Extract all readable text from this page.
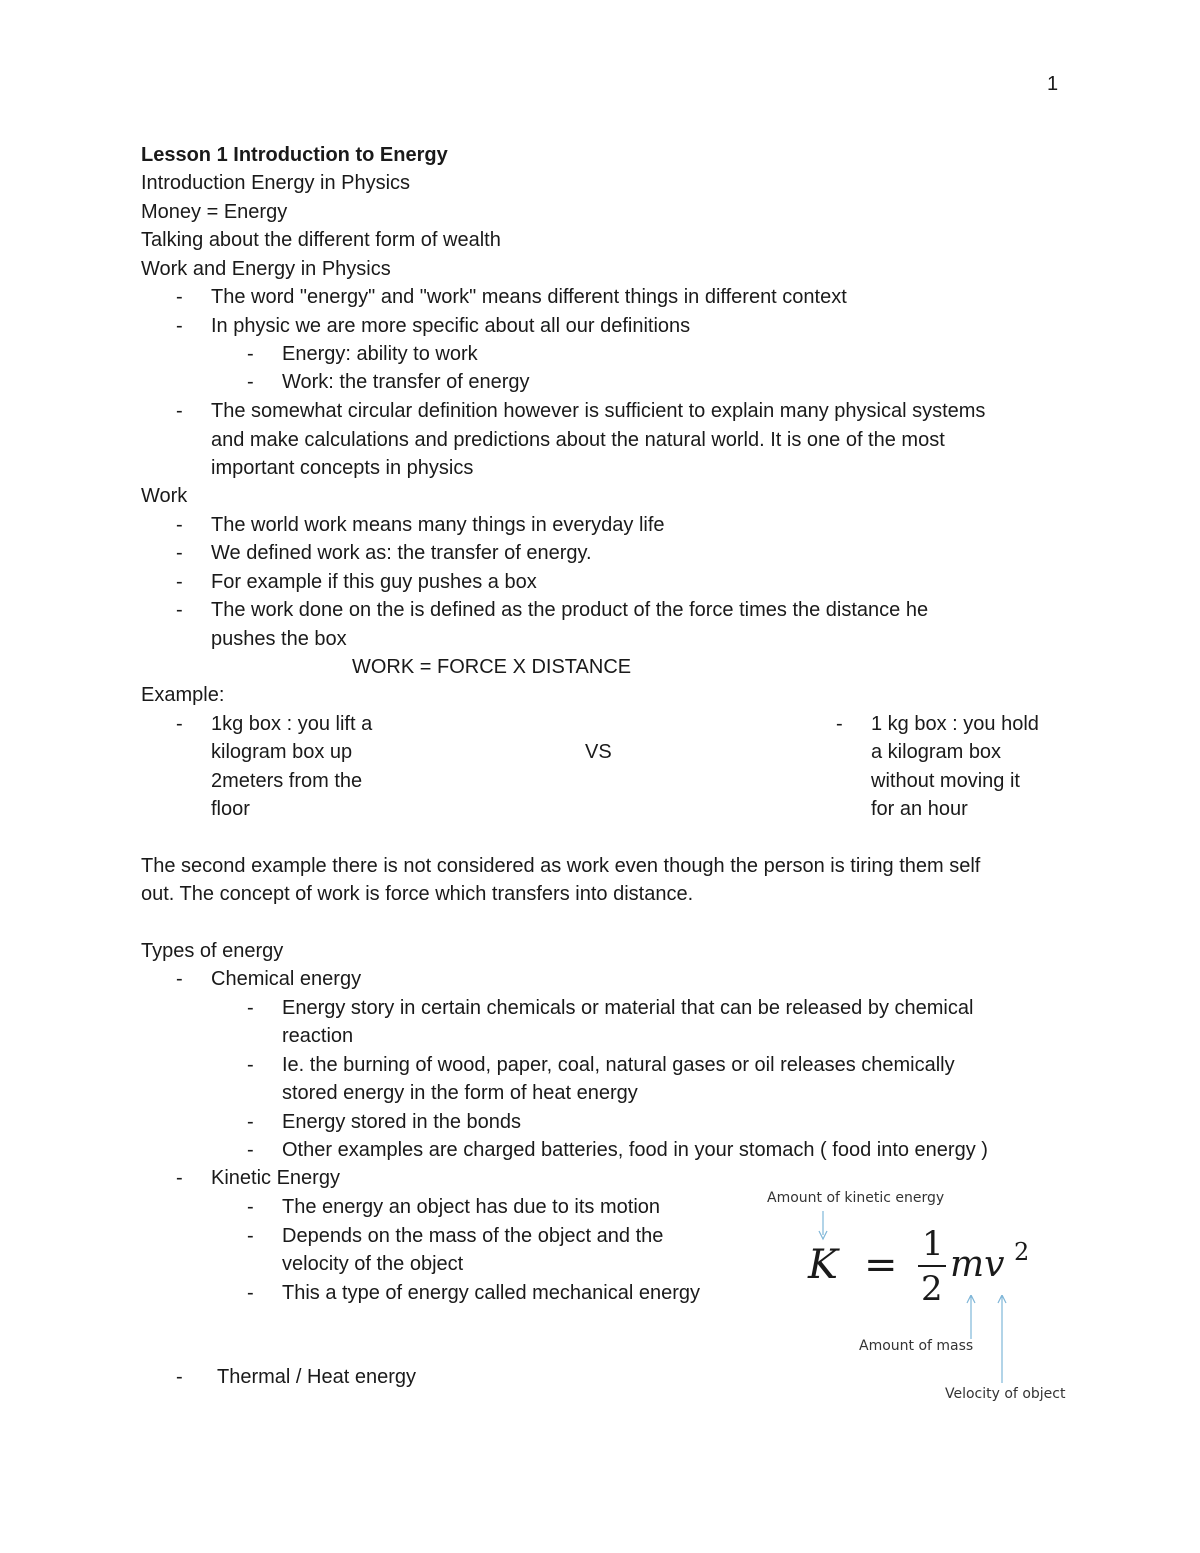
1
Lesson 1 Introduction to Energy
Introduction Energy in Physics
Money = Energy
Talking about the different form of wealth
Work and Energy in Physics
- The word "energy" and "work" means different things in different context
- In physic we are more specific about all our definitions
- Energy: ability to work
- Work: the transfer of energy
- The somewhat circular definition however is sufficient to explain many physical systems
and make calculations and predictions about the natural world. It is one of the most
important concepts in physics
Work
- The world work means many things in everyday life
- We defined work as: the transfer of energy.
- For example if this guy pushes a box
- The work done on the is defined as the product of the force times the distance he
pushes the box
WORK = FORCE X DISTANCE
Example:
- 1kg box : you lift a
kilogram box up
2meters from the
floor
VS
- 1 kg box : you hold
a kilogram box
without moving it
for an hour
The second example there is not considered as work even though the person is tiring them self
out. The concept of work is force which transfers into distance.
Types of energy
- Chemical energy
- Energy story in certain chemicals or material that can be released by chemical
reaction
- Ie. the burning of wood, paper, coal, natural gases or oil releases chemically
stored energy in the form of heat energy
- Energy stored in the bonds
- Other examples are charged batteries, food in your stomach ( food into energy )
- Kinetic Energy
- The energy an object has due to its motion
- Depends on the mass of the object and the
velocity of the object
- This a type of energy called mechanical energy
- Thermal / Heat energy
Amount of kinetic energy
K = 1
2
mv 2
Amount of mass
Velocity of object
